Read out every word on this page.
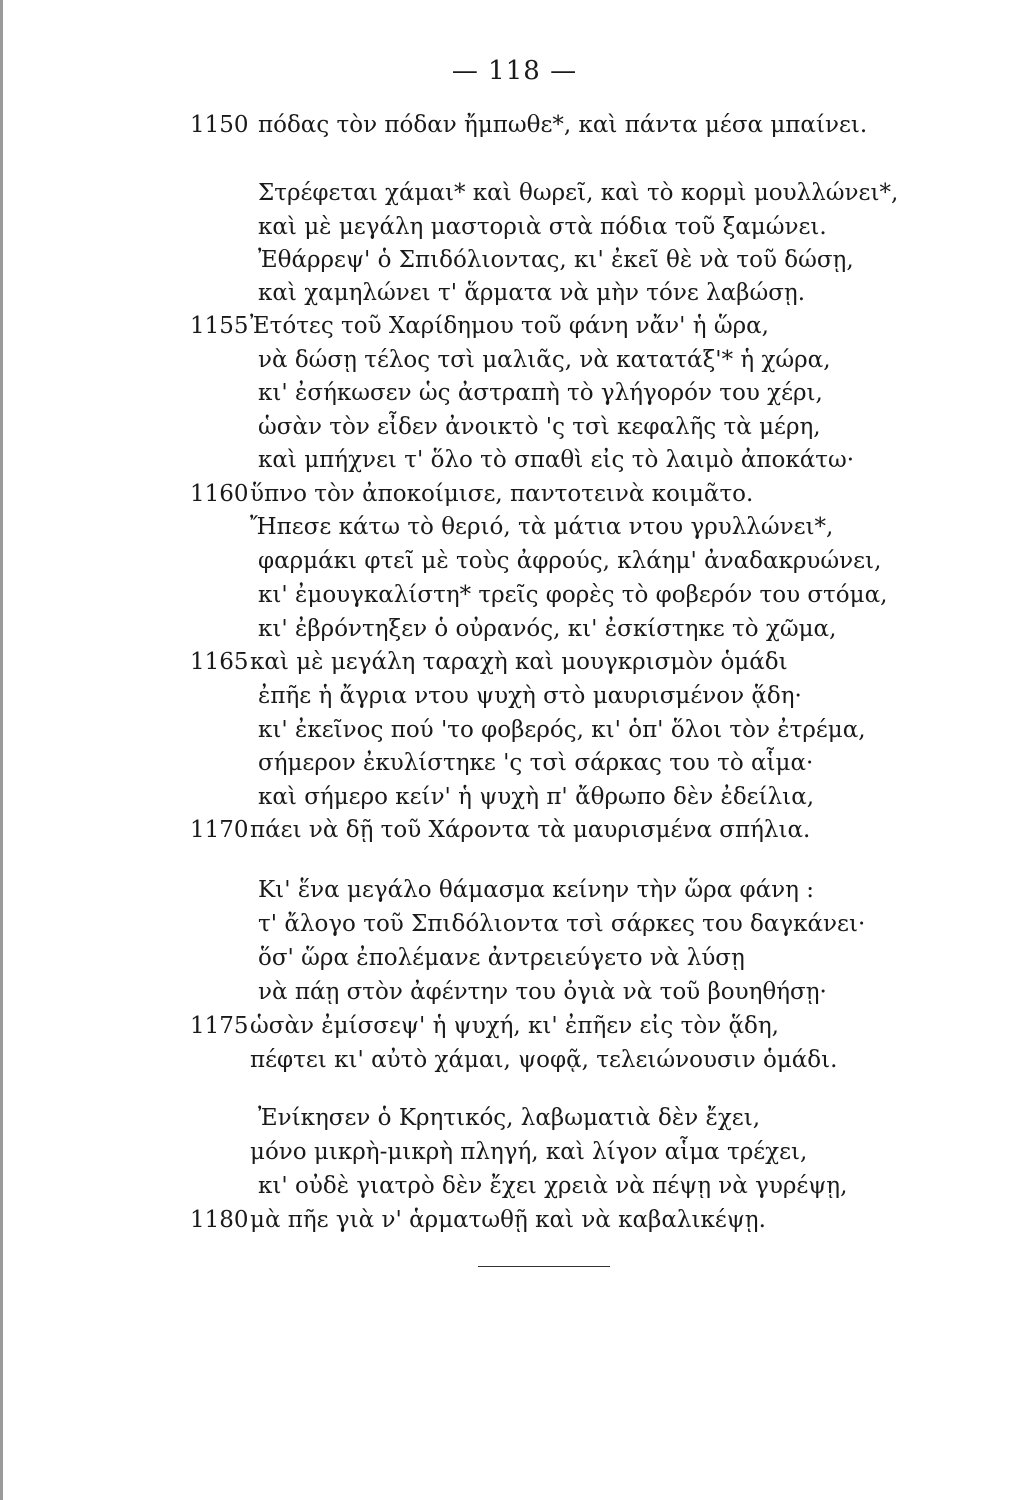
— 118 —
1150 πόδας τὸν πόδαν ἤμπωθε*, καὶ πάντα μέσα μπαίνει.
Στρέφεται χάμαι* καὶ θωρεῖ, καὶ τὸ κορμὶ μουλλώνει*,
καὶ μὲ μεγάλη μαστοριὰ στὰ πόδια τοῦ ξαμώνει.
Ἐθάρρεψ' ὁ Σπιδόλιοντας, κι' ἐκεῖ θὲ νὰ τοῦ δώσῃ,
καὶ χαμηλώνει τ' ἅρματα νὰ μὴν τόνε λαβώσῃ.
1155 Ἐτότες τοῦ Χαρίδημου τοῦ φάνη νἄν' ἡ ὥρα,
νὰ δώσῃ τέλος τσὶ μαλιᾶς, νὰ κατατάξ'* ἡ χώρα,
κι' ἐσήκωσεν ὡς ἀστραπὴ τὸ γλήγορόν του χέρι,
ὡσὰν τὸν εἶδεν ἀνοικτὸ 'ς τσὶ κεφαλῆς τὰ μέρη,
καὶ μπήχνει τ' ὅλο τὸ σπαθὶ εἰς τὸ λαιμὸ ἀποκάτω·
1160 ὕπνο τὸν ἀποκοίμισε, παντοτεινὰ κοιμᾶτο.
Ἤπεσε κάτω τὸ θεριό, τὰ μάτια ντου γρυλλώνει*,
φαρμάκι φτεῖ μὲ τοὺς ἀφρούς, κλάημ' ἀναδακρυώνει,
κι' ἐμουγκαλίστη* τρεῖς φορὲς τὸ φοβερόν του στόμα,
κι' ἐβρόντηξεν ὁ οὐρανός, κι' ἐσκίστηκε τὸ χῶμα,
1165 καὶ μὲ μεγάλη ταραχὴ καὶ μουγκρισμὸν ὁμάδι
ἐπῆε ἡ ἄγρια ντου ψυχὴ στὸ μαυρισμένον ᾅδη·
κι' ἐκεῖνος πού 'το φοβερός, κι' ὁπ' ὅλοι τὸν ἐτρέμα,
σήμερον ἐκυλίστηκε 'ς τσὶ σάρκας του τὸ αἷμα·
καὶ σήμερο κείν' ἡ ψυχὴ π' ἄθρωπο δὲν ἐδείλια,
1170 πάει νὰ δῇ τοῦ Χάροντα τὰ μαυρισμένα σπήλια.
Κι' ἕνα μεγάλο θάμασμα κείνην τὴν ὥρα φάνη :
τ' ἄλογο τοῦ Σπιδόλιοντα τσὶ σάρκες του δαγκάνει·
ὅσ' ὥρα ἐπολέμανε ἀντρειεύγετο νὰ λύσῃ
νὰ πάῃ στὸν ἀφέντην του ὀγιὰ νὰ τοῦ βουηθήσῃ·
1175 ὡσὰν ἐμίσσεψ' ἡ ψυχή, κι' ἐπῆεν εἰς τὸν ᾅδη,
πέφτει κι' αὐτὸ χάμαι, ψοφᾷ, τελειώνουσιν ὁμάδι.
Ἐνίκησεν ὁ Κρητικός, λαβωματιὰ δὲν ἔχει,
μόνο μικρὴ-μικρὴ πληγή, καὶ λίγον αἷμα τρέχει,
κι' οὐδὲ γιατρὸ δὲν ἔχει χρειὰ νὰ πέψῃ νὰ γυρέψῃ,
1180 μὰ πῆε γιὰ ν' ἁρματωθῇ καὶ νὰ καβαλικέψῃ.
